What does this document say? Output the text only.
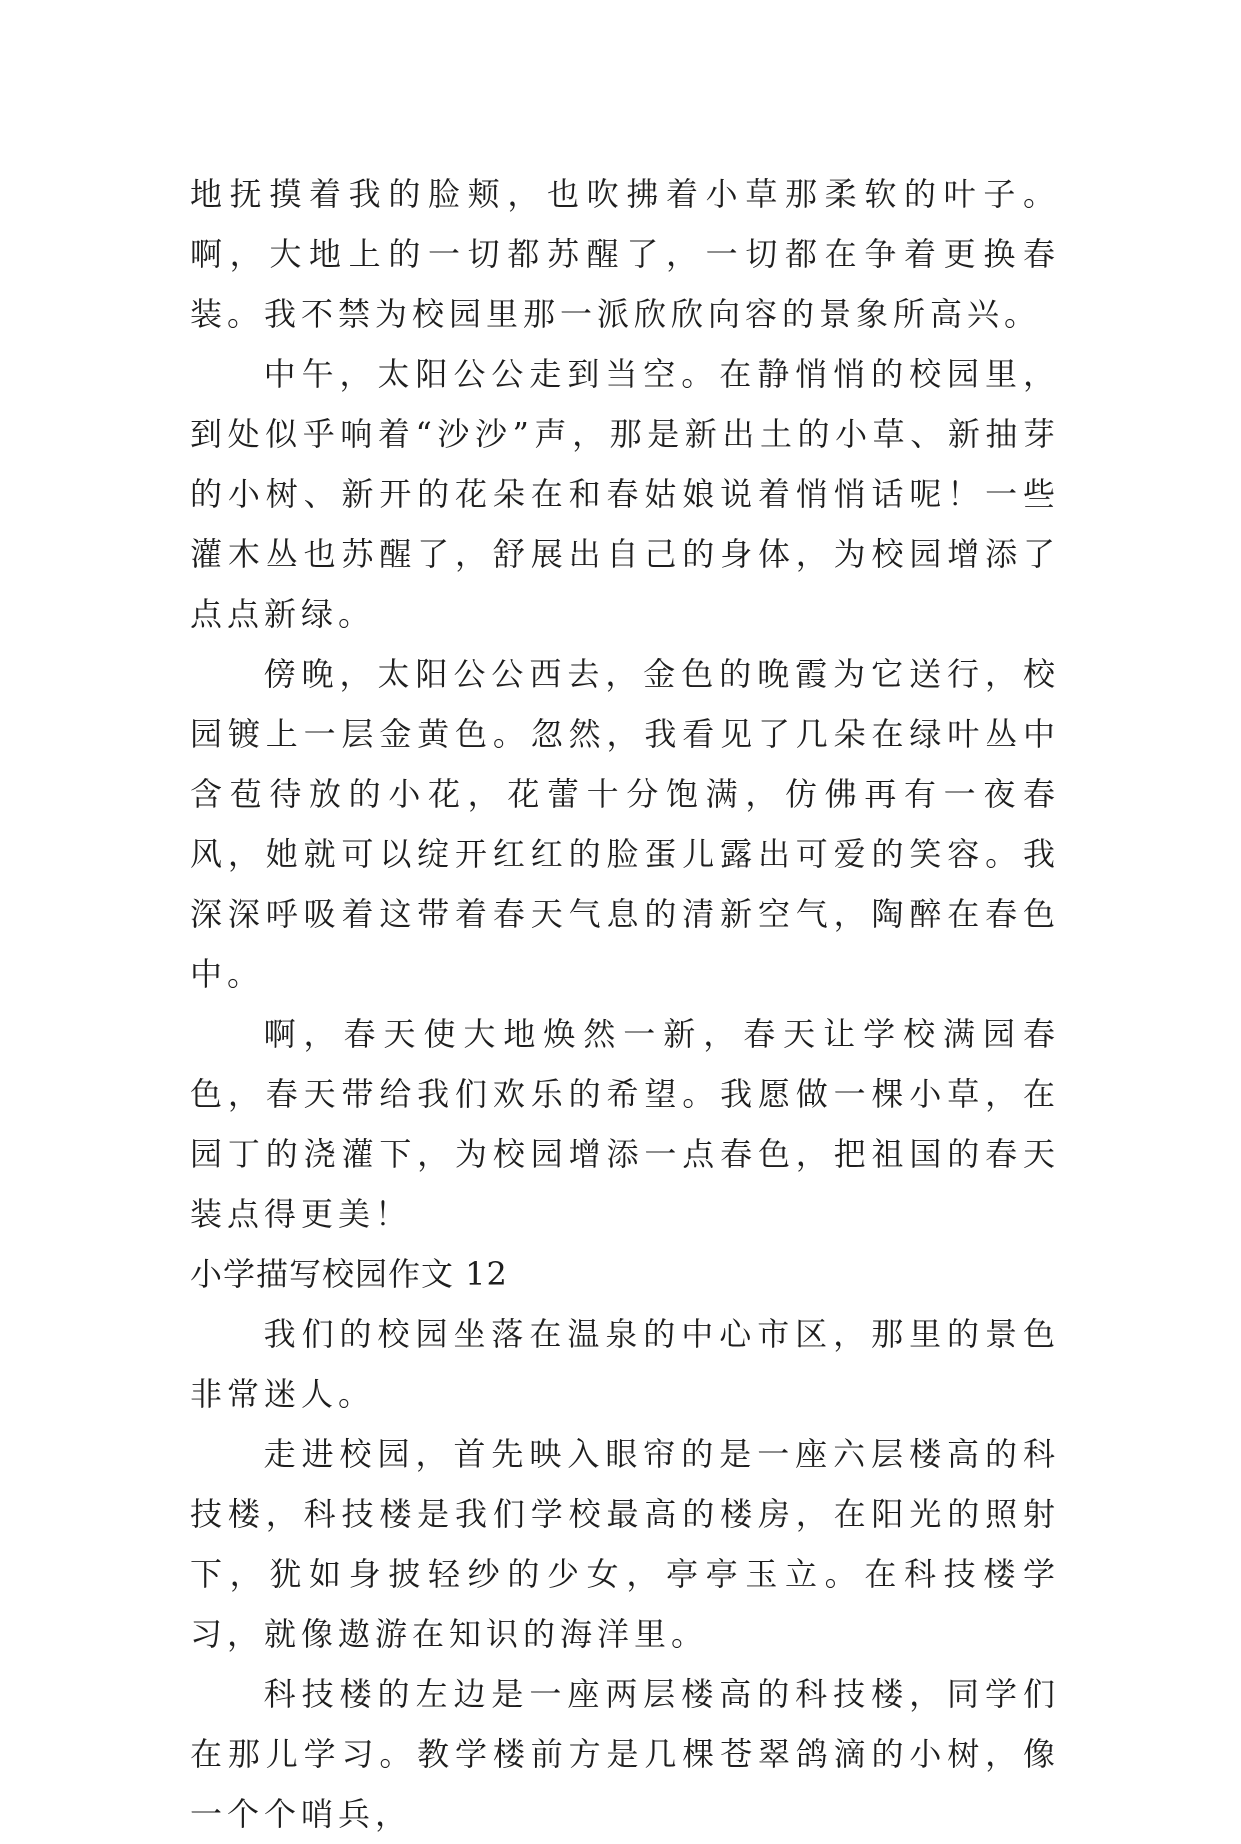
地抚摸着我的脸颊，也吹拂着小草那柔软的叶子。啊，大地上的一切都苏醒了，一切都在争着更换春装。我不禁为校园里那一派欣欣向容的景象所高兴。

中午，太阳公公走到当空。在静悄悄的校园里，到处似乎响着“沙沙”声，那是新出土的小草、新抽芽的小树、新开的花朵在和春姑娘说着悄悄话呢！一些灌木丛也苏醒了，舒展出自己的身体，为校园增添了点点新绿。

傍晚，太阳公公西去，金色的晚霞为它送行，校园镀上一层金黄色。忽然，我看见了几朵在绿叶丛中含苞待放的小花，花蕾十分饱满，仿佛再有一夜春风，她就可以绽开红红的脸蛋儿露出可爱的笑容。我深深呼吸着这带着春天气息的清新空气，陶醉在春色中。

啊，春天使大地焕然一新，春天让学校满园春色，春天带给我们欢乐的希望。我愿做一棵小草，在园丁的浇灌下，为校园增添一点春色，把祖国的春天装点得更美！

小学描写校园作文 12

我们的校园坐落在温泉的中心市区，那里的景色非常迷人。

走进校园，首先映入眼帘的是一座六层楼高的科技楼，科技楼是我们学校最高的楼房，在阳光的照射下，犹如身披轻纱的少女，亭亭玉立。在科技楼学习，就像遨游在知识的海洋里。

科技楼的左边是一座两层楼高的科技楼，同学们在那儿学习。教学楼前方是几棵苍翠鸽滴的小树，像一个个哨兵，
